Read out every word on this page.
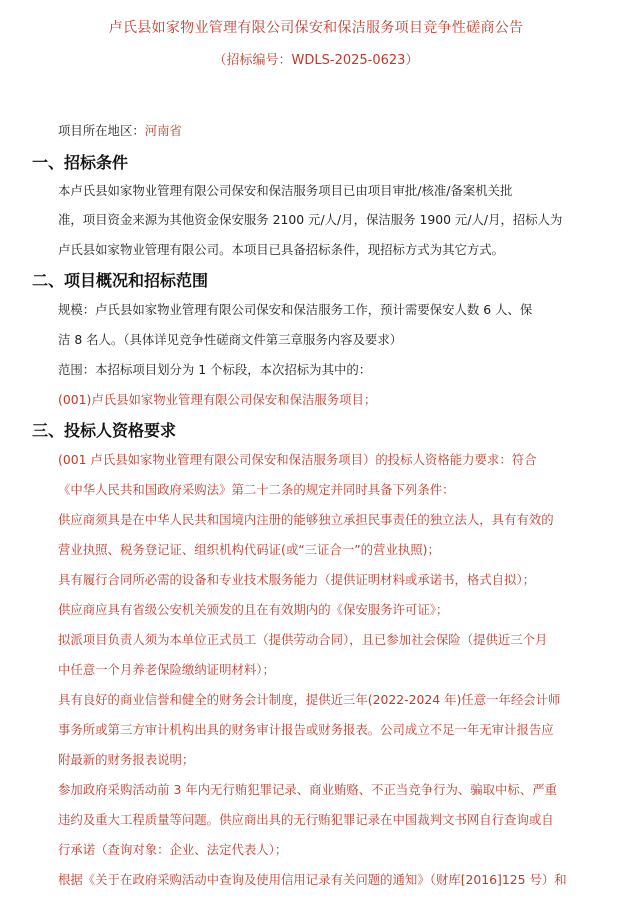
卢氏县如家物业管理有限公司保安和保洁服务项目竞争性磋商公告
（招标编号：WDLS-2025-0623）
项目所在地区：河南省
一、招标条件
本卢氏县如家物业管理有限公司保安和保洁服务项目已由项目审批/核准/备案机关批
准，项目资金来源为其他资金保安服务 2100 元/人/月，保洁服务 1900 元/人/月，招标人为
卢氏县如家物业管理有限公司。本项目已具备招标条件，现招标方式为其它方式。
二、项目概况和招标范围
规模：卢氏县如家物业管理有限公司保安和保洁服务工作，预计需要保安人数 6 人、保
洁 8 名人。（具体详见竞争性磋商文件第三章服务内容及要求）
范围：本招标项目划分为 1 个标段，本次招标为其中的：
(001)卢氏县如家物业管理有限公司保安和保洁服务项目；
三、投标人资格要求
(001 卢氏县如家物业管理有限公司保安和保洁服务项目）的投标人资格能力要求：符合
《中华人民共和国政府采购法》第二十二条的规定并同时具备下列条件：
供应商须具是在中华人民共和国境内注册的能够独立承担民事责任的独立法人，具有有效的
营业执照、税务登记证、组织机构代码证(或“三证合一”的营业执照)；
具有履行合同所必需的设备和专业技术服务能力（提供证明材料或承诺书，格式自拟）；
供应商应具有省级公安机关颁发的且在有效期内的《保安服务许可证》；
拟派项目负责人须为本单位正式员工（提供劳动合同），且已参加社会保险（提供近三个月
中任意一个月养老保险缴纳证明材料）；
具有良好的商业信誉和健全的财务会计制度，提供近三年(2022-2024 年)任意一年经会计师
事务所或第三方审计机构出具的财务审计报告或财务报表。公司成立不足一年无审计报告应
附最新的财务报表说明；
参加政府采购活动前 3 年内无行贿犯罪记录、商业贿赂、不正当竞争行为、骗取中标、严重
违约及重大工程质量等问题。供应商出具的无行贿犯罪记录在中国裁判文书网自行查询或自
行承诺（查询对象：企业、法定代表人）；
根据《关于在政府采购活动中查询及使用信用记录有关问题的通知》（财库[2016]125 号）和
